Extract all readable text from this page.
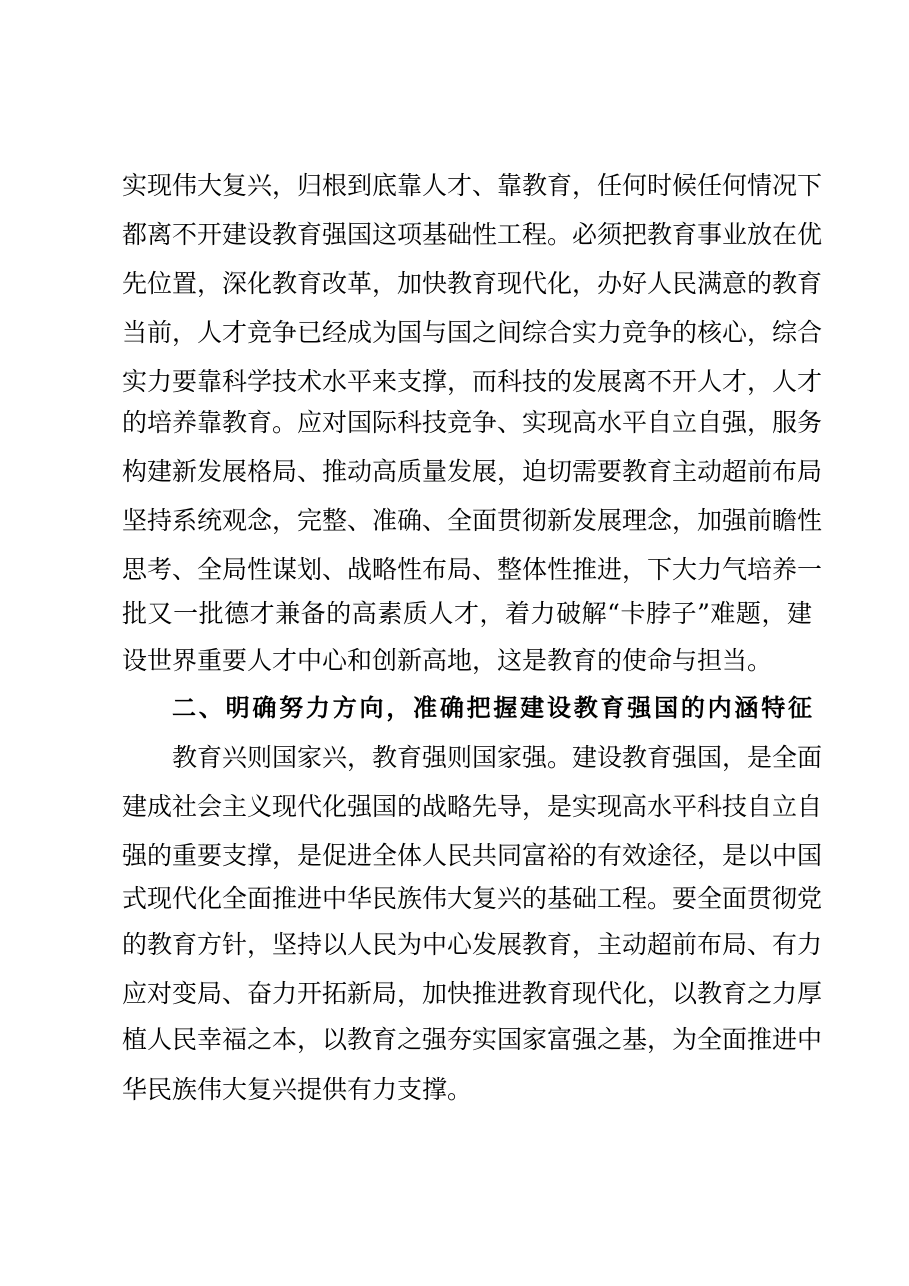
实现伟大复兴，归根到底靠人才、靠教育，任何时候任何情况下
都离不开建设教育强国这项基础性工程。必须把教育事业放在优
先位置，深化教育改革，加快教育现代化，办好人民满意的教育
当前，人才竞争已经成为国与国之间综合实力竞争的核心，综合
实力要靠科学技术水平来支撑，而科技的发展离不开人才，人才
的培养靠教育。应对国际科技竞争、实现高水平自立自强，服务
构建新发展格局、推动高质量发展，迫切需要教育主动超前布局
坚持系统观念，完整、准确、全面贯彻新发展理念，加强前瞻性
思考、全局性谋划、战略性布局、整体性推进，下大力气培养一
批又一批德才兼备的高素质人才，着力破解“卡脖子”难题，建
设世界重要人才中心和创新高地，这是教育的使命与担当。
二、明确努力方向，准确把握建设教育强国的内涵特征
教育兴则国家兴，教育强则国家强。建设教育强国，是全面
建成社会主义现代化强国的战略先导，是实现高水平科技自立自
强的重要支撑，是促进全体人民共同富裕的有效途径，是以中国
式现代化全面推进中华民族伟大复兴的基础工程。要全面贯彻党
的教育方针，坚持以人民为中心发展教育，主动超前布局、有力
应对变局、奋力开拓新局，加快推进教育现代化，以教育之力厚
植人民幸福之本，以教育之强夯实国家富强之基，为全面推进中
华民族伟大复兴提供有力支撑。
